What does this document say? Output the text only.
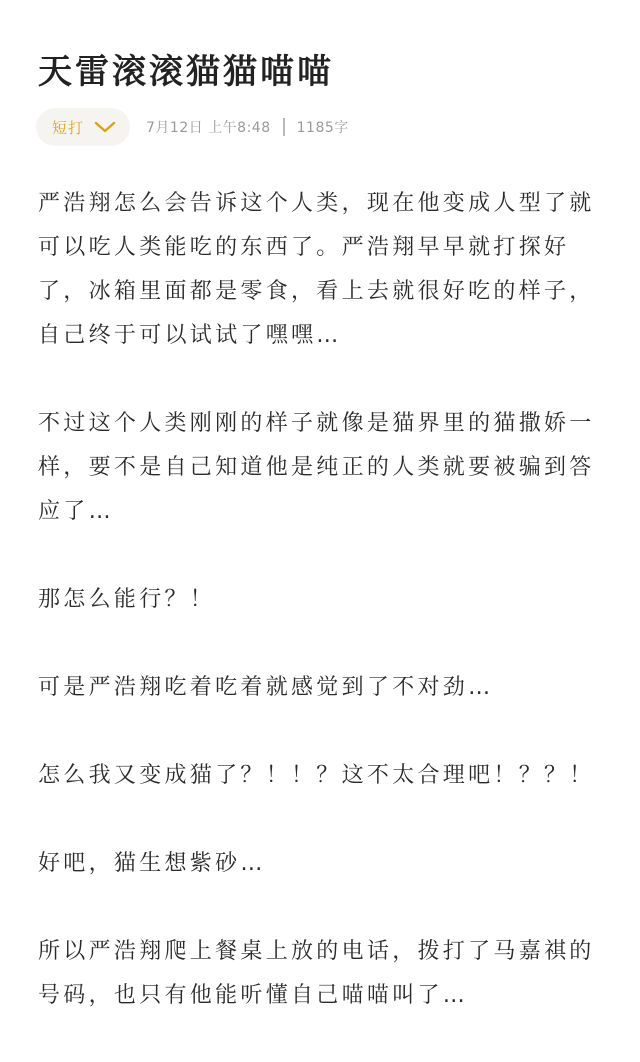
天雷滚滚猫猫喵喵
短打	7月12日 上午8:48 1185字

严浩翔怎么会告诉这个人类，现在他变成人型了就可以吃人类能吃的东西了。严浩翔早早就打探好了，冰箱里面都是零食，看上去就很好吃的样子，自己终于可以试试了嘿嘿…

不过这个人类刚刚的样子就像是猫界里的猫撒娇一样，要不是自己知道他是纯正的人类就要被骗到答应了…

那怎么能行？！

可是严浩翔吃着吃着就感觉到了不对劲…

怎么我又变成猫了？！！？这不太合理吧！？？！

好吧，猫生想紫砂…

所以严浩翔爬上餐桌上放的电话，拨打了马嘉祺的号码，也只有他能听懂自己喵喵叫了…
